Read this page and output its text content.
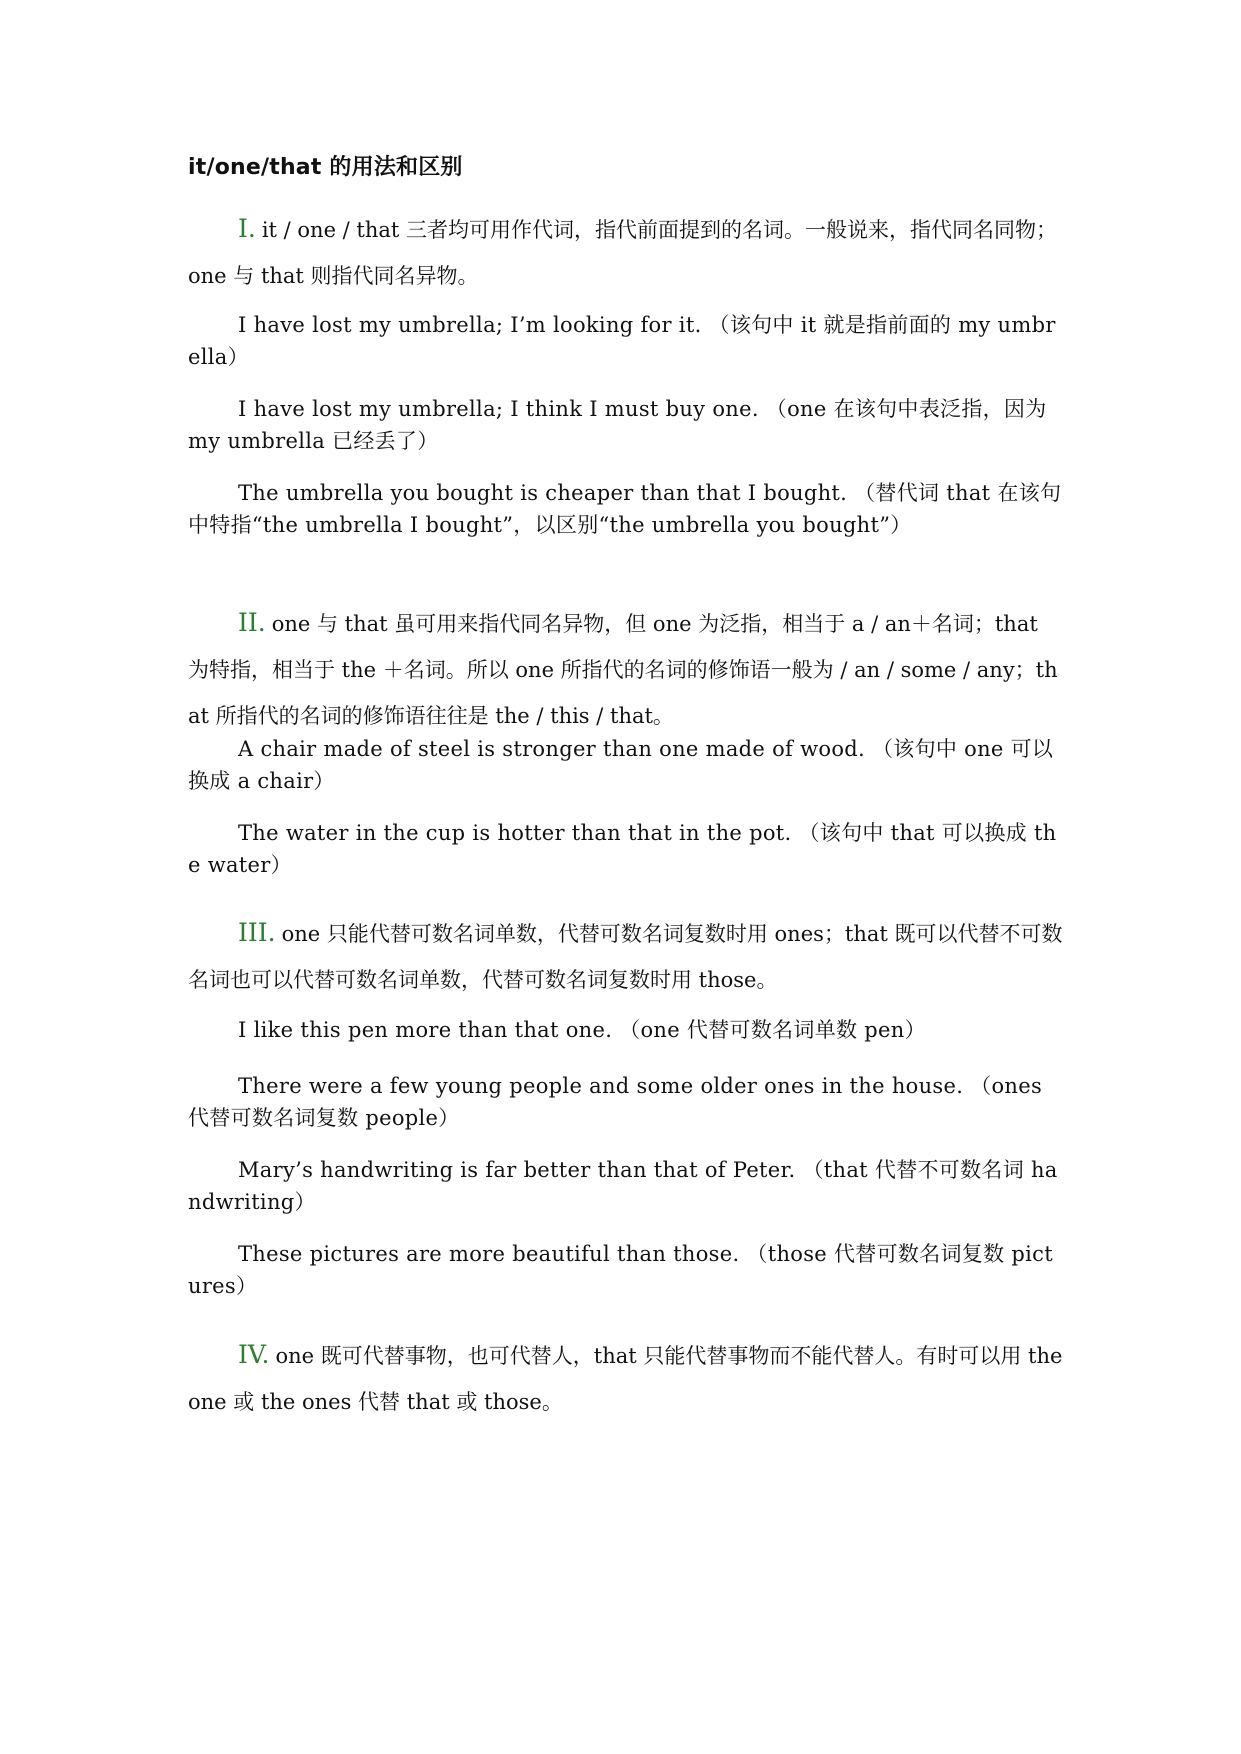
it/one/that 的用法和区别

I. it / one / that 三者均可用作代词，指代前面提到的名词。一般说来，指代同名同物；one 与 that 则指代同名异物。

I have lost my umbrella; I’m looking for it. （该句中 it 就是指前面的 my umbrella）

I have lost my umbrella; I think I must buy one. （one 在该句中表泛指，因为 my umbrella 已经丢了）

The umbrella you bought is cheaper than that I bought. （替代词 that 在该句中特指“the umbrella I bought”，以区别“the umbrella you bought”）

II. one 与 that 虽可用来指代同名异物，但 one 为泛指，相当于 a / an＋名词；that 为特指，相当于 the ＋名词。所以 one 所指代的名词的修饰语一般为 / an / some / any；that 所指代的名词的修饰语往往是 the / this / that。

A chair made of steel is stronger than one made of wood. （该句中 one 可以换成 a chair）

The water in the cup is hotter than that in the pot. （该句中 that 可以换成 the water）

III. one 只能代替可数名词单数，代替可数名词复数时用 ones；that 既可以代替不可数名词也可以代替可数名词单数，代替可数名词复数时用 those。

I like this pen more than that one. （one 代替可数名词单数 pen）

There were a few young people and some older ones in the house. （ones 代替可数名词复数 people）

Mary’s handwriting is far better than that of Peter. （that 代替不可数名词 handwriting）

These pictures are more beautiful than those. （those 代替可数名词复数 pictures）

IV. one 既可代替事物，也可代替人，that 只能代替事物而不能代替人。有时可以用 the one 或 the ones 代替 that 或 those。
